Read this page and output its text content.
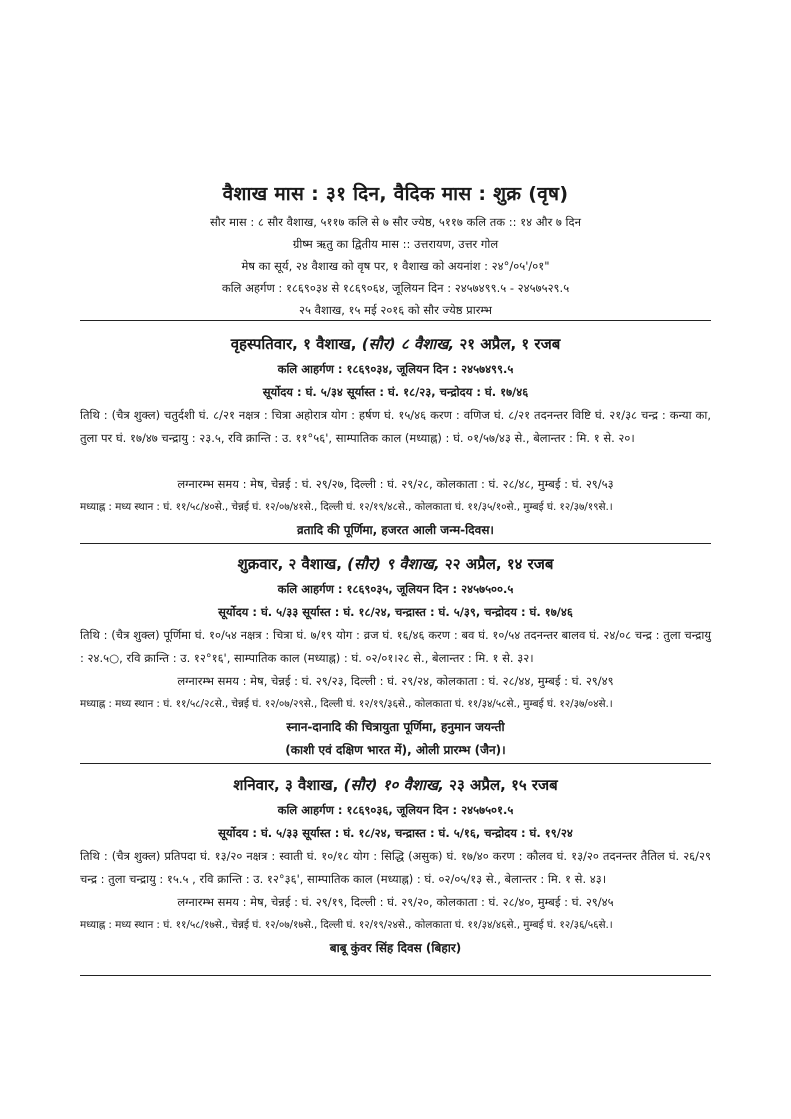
वैशाख मास : ३१ दिन, वैदिक मास : शुक्र (वृष)
सौर मास : ८ सौर वैशाख, ५११७ कलि से ७ सौर ज्येष्ठ, ५११७ कलि तक :: १४ और ७ दिन
ग्रीष्म ऋतु का द्वितीय मास :: उत्तरायण, उत्तर गोल
मेष का सूर्य, २४ वैशाख को वृष पर, १ वैशाख को अयनांश : २४°/०५'/०१"
कलि अहर्गण : १८६९०३४ से १८६९०६४, जूलियन दिन : २४५७४९९.५ - २४५७५२९.५
२५ वैशाख, १५ मई २०१६ को सौर ज्येष्ठ प्रारम्भ
वृहस्पतिवार, १ वैशाख, (सौर) ८ वैशाख, २१ अप्रैल, १ रजब
कलि आहर्गण : १८६९०३४, जूलियन दिन : २४५७४९९.५
सूर्योदय : घं. ५/३४ सूर्यास्त : घं. १८/२३, चन्द्रोदय : घं. १७/४६
तिथि : (चैत्र शुक्ल) चतुर्दशी घं. ८/२१ नक्षत्र : चित्रा अहोरात्र योग : हर्षण घं. १५/४६ करण : वणिज घं. ८/२१ तदनन्तर विष्टि घं. २१/३८ चन्द्र : कन्या का, तुला पर घं. १७/४७ चन्द्रायु : २३.५, रवि क्रान्ति : उ. ११°५६', साम्पातिक काल (मध्याह्न) : घं. ०१/५७/४३ से., बेलान्तर : मि. १ से. २०।
लग्नारम्भ समय : मेष, चेन्नई : घं. २९/२७, दिल्ली : घं. २९/२८, कोलकाता : घं. २८/४८, मुम्बई : घं. २९/५३
मध्याह्न : मध्य स्थान : घं. ११/५८/४०से., चेन्नई घं. १२/०७/४१से., दिल्ली घं. १२/१९/४८से., कोलकाता घं. ११/३५/१०से., मुम्बई घं. १२/३७/१९से.।
व्रतादि की पूर्णिमा, हजरत आली जन्म-दिवस।
शुक्रवार, २ वैशाख, (सौर) ९ वैशाख, २२ अप्रैल, १४ रजब
कलि आहर्गण : १८६९०३५, जूलियन दिन : २४५७५००.५
सूर्योदय : घं. ५/३३ सूर्यास्त : घं. १८/२४, चन्द्रास्त : घं. ५/३९, चन्द्रोदय : घं. १७/४६
तिथि : (चैत्र शुक्ल) पूर्णिमा घं. १०/५४ नक्षत्र : चित्रा घं. ७/१९ योग : व्रज घं. १६/४६ करण : बव घं. १०/५४ तदनन्तर बालव घं. २४/०८ चन्द्र : तुला चन्द्रायु : २४.५○, रवि क्रान्ति : उ. १२°१६', साम्पातिक काल (मध्याह्न) : घं. ०२/०१।२८ से., बेलान्तर : मि. १ से. ३२।
लग्नारम्भ समय : मेष, चेन्नई : घं. २९/२३, दिल्ली : घं. २९/२४, कोलकाता : घं. २८/४४, मुम्बई : घं. २९/४९
मध्याह्न : मध्य स्थान : घं. ११/५८/२८से., चेन्नई घं. १२/०७/२९से., दिल्ली घं. १२/१९/३६से., कोलकाता घं. ११/३४/५८से., मुम्बई घं. १२/३७/०४से.।
स्नान-दानादि की चित्रायुता पूर्णिमा, हनुमान जयन्ती
(काशी एवं दक्षिण भारत में), ओली प्रारम्भ (जैन)।
शनिवार, ३ वैशाख, (सौर) १० वैशाख, २३ अप्रैल, १५ रजब
कलि आहर्गण : १८६९०३६, जूलियन दिन : २४५७५०१.५
सूर्योदय : घं. ५/३३ सूर्यास्त : घं. १८/२४, चन्द्रास्त : घं. ५/१६, चन्द्रोदय : घं. १९/२४
तिथि : (चैत्र शुक्ल) प्रतिपदा घं. १३/२० नक्षत्र : स्वाती घं. १०/१८ योग : सिद्धि (असुक) घं. १७/४० करण : कौलव घं. १३/२० तदनन्तर तैतिल घं. २६/२९ चन्द्र : तुला चन्द्रायु : १५.५ , रवि क्रान्ति : उ. १२°३६', साम्पातिक काल (मध्याह्न) : घं. ०२/०५/१३ से., बेलान्तर : मि. १ से. ४३।
लग्नारम्भ समय : मेष, चेन्नई : घं. २९/१९, दिल्ली : घं. २९/२०, कोलकाता : घं. २८/४०, मुम्बई : घं. २९/४५
मध्याह्न : मध्य स्थान : घं. ११/५८/१७से., चेन्नई घं. १२/०७/१७से., दिल्ली घं. १२/१९/२४से., कोलकाता घं. ११/३४/४६से., मुम्बई घं. १२/३६/५६से.।
बाबू कुंवर सिंह दिवस (बिहार)
